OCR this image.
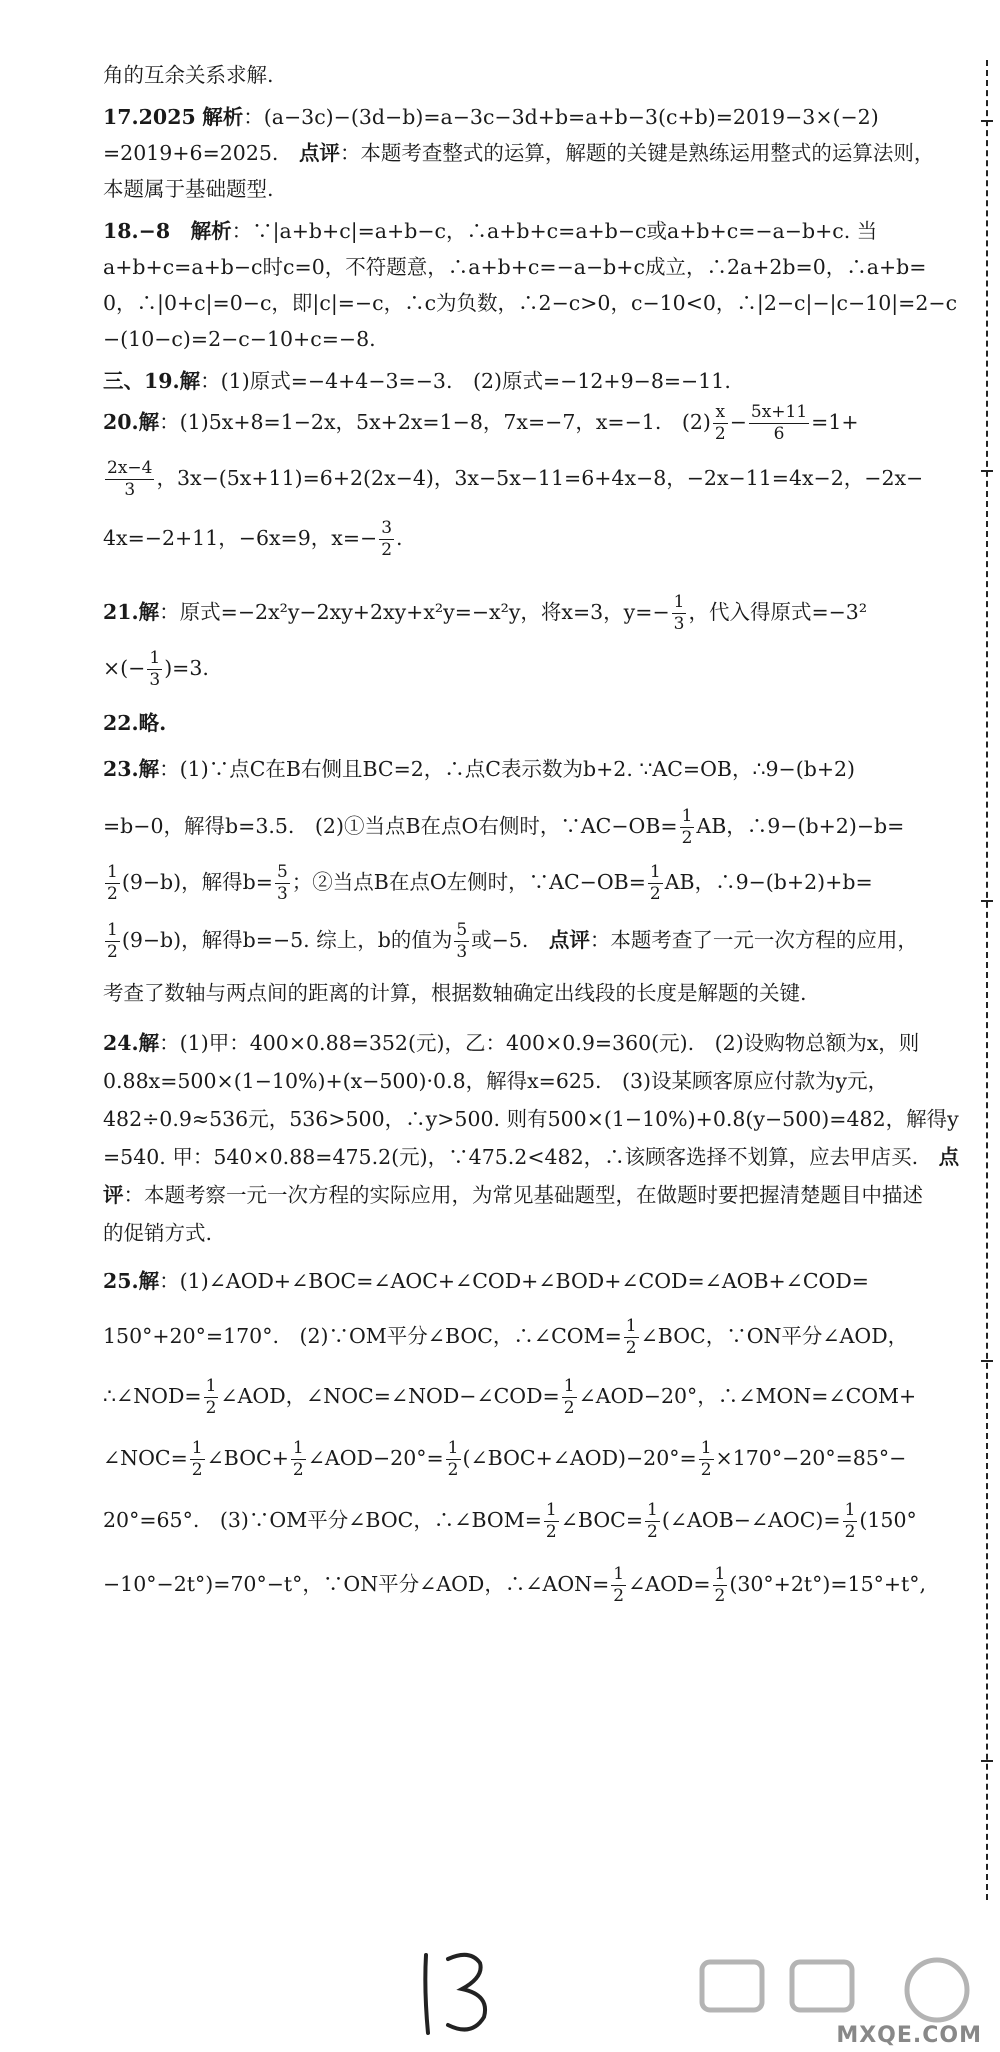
角的互余关系求解.
17.2025 解析：(a−3c)−(3d−b)=a−3c−3d+b=a+b−3(c+b)=2019−3×(−2)
=2019+6=2025.　 点评：本题考查整式的运算，解题的关键是熟练运用整式的运算法则，
本题属于基础题型.
18.−8　 解析：∵|a+b+c|=a+b−c，∴a+b+c=a+b−c或a+b+c=−a−b+c. 当
a+b+c=a+b−c时c=0，不符题意，∴a+b+c=−a−b+c成立，∴2a+2b=0，∴a+b=
0，∴|0+c|=0−c，即|c|=−c，∴c为负数，∴2−c>0，c−10<0，∴|2−c|−|c−10|=2−c
−(10−c)=2−c−10+c=−8.
三、19.解：(1)原式=−4+4−3=−3.　(2)原式=−12+9−8=−11.
20.解：(1)5x+8=1−2x，5x+2x=1−8，7x=−7，x=−1.　$(2) \frac{x}{2} - \frac{5x+11}{6} =1+$
$\frac{2x-4}{3}$ ，3x−(5x+11)=6+2(2x−4)，3x−5x−11=6+4x−8，−2x−11=4x−2，−2x−
4x=−2+11，−6x=9，$x=- \frac{3}{2}$ .
21.解：原式=−2x²y−2xy+2xy+x²y=−x²y，将x=3，$y=- \frac{1}{3}$ ，代入得原式=−3²
×(− $\frac{1}{3} )=3$.
22.略.
23.解：(1)∵点C在B右侧且BC=2，∴点C表示数为b+2. ∵AC=OB，∴9−(b+2)
=b−0，解得b=3.5.　(2)①当点B在点O右侧时，∵AC−OB= $\frac{1}{2}$ AB，∴9−(b+2)−b=
$\frac{1}{2} (9-b)$，解得$b= \frac{5}{3}$ ；②当点B在点O左侧时，∵AC−OB= $\frac{1}{2}$ AB，∴9−(b+2)+b=
$\frac{1}{2} (9-b)$，解得b=−5. 综上，b的值为 $\frac{5}{3}$ 或−5.　点评：本题考查了一元一次方程的应用，
考查了数轴与两点间的距离的计算，根据数轴确定出线段的长度是解题的关键.
24.解：(1)甲：400×0.88=352(元)，乙：400×0.9=360(元).　(2)设购物总额为x，则
0.88x=500×(1−10%)+(x−500)·0.8，解得x=625.　(3)设某顾客原应付款为y元，
482÷0.9≈536元，536>500，∴y>500. 则有500×(1−10%)+0.8(y−500)=482，解得y
=540. 甲：540×0.88=475.2(元)，∵475.2<482，∴该顾客选择不划算，应去甲店买.　点
评：本题考察一元一次方程的实际应用，为常见基础题型，在做题时要把握清楚题目中描述
的促销方式.
25.解：(1)∠AOD+∠BOC=∠AOC+∠COD+∠BOD+∠COD=∠AOB+∠COD=
150°+20°=170°.　(2)∵OM平分∠BOC，∴∠COM= $\frac{1}{2}$ ∠BOC，∵ON平分∠AOD，
∴∠NOD= $\frac{1}{2}$ ∠AOD，∠NOC=∠NOD−∠COD= $\frac{1}{2}$ ∠AOD−20°，∴∠MON=∠COM+
∠NOC= $\frac{1}{2}$ ∠BOC+ $\frac{1}{2}$ ∠AOD−20°= $\frac{1}{2}$ (∠BOC+∠AOD)−20°= $\frac{1}{2} \times 170^\circ-20^\circ=85^\circ-$
20°=65°.　(3)∵OM平分∠BOC，∴∠BOM= $\frac{1}{2}$ ∠BOC= $\frac{1}{2}$ (∠AOB−∠AOC)= $\frac{1}{2} (150^\circ$
−10°−2t°)=70°−t°，∵ON平分∠AOD，∴∠AON= $\frac{1}{2}$ ∠AOD= $\frac{1}{2} (30^\circ+2t^\circ)=15^\circ+t^\circ$,
MXQE.COM
